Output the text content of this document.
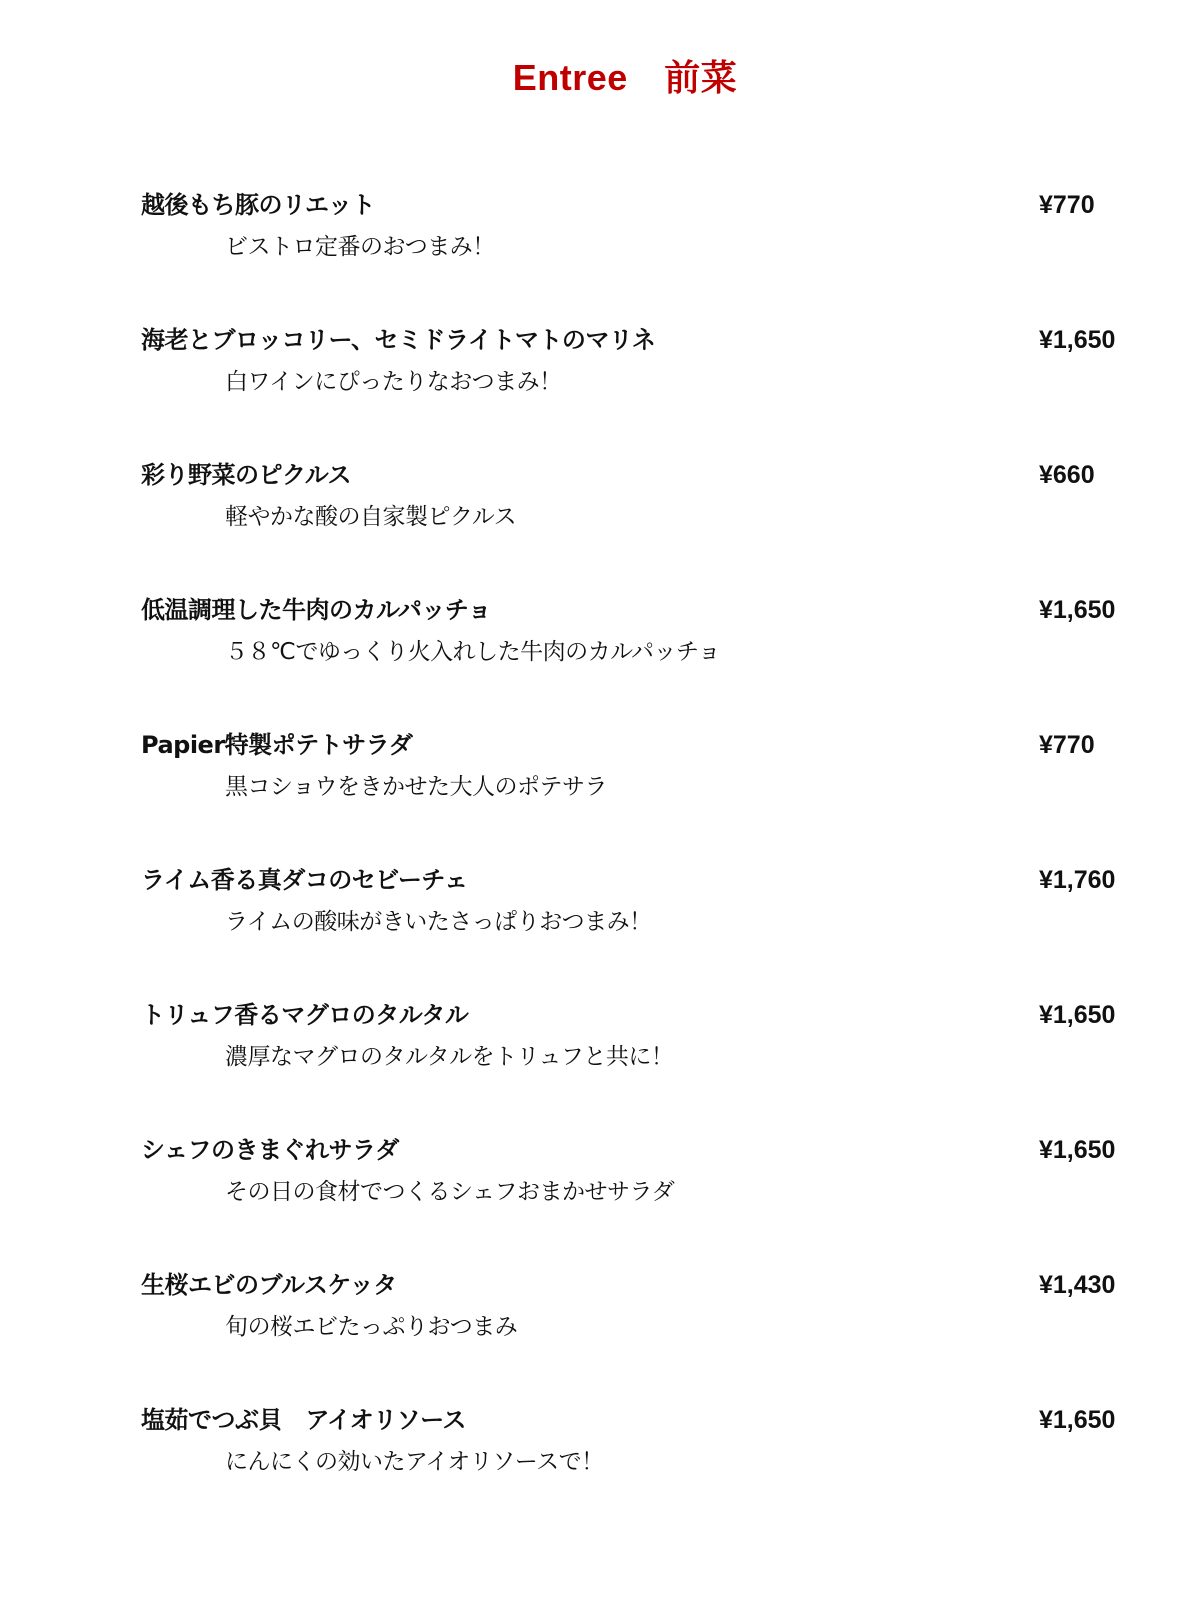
Entree　前菜
越後もち豚のリエット	¥770
ビストロ定番のおつまみ！
海老とブロッコリー、セミドライトマトのマリネ	¥1,650
白ワインにぴったりなおつまみ！
彩り野菜のピクルス	¥660
軽やかな酸の自家製ピクルス
低温調理した牛肉のカルパッチョ	¥1,650
５８℃でゆっくり火入れした牛肉のカルパッチョ
Papier特製ポテトサラダ	¥770
黒コショウをきかせた大人のポテサラ
ライム香る真ダコのセビーチェ	¥1,760
ライムの酸味がきいたさっぱりおつまみ！
トリュフ香るマグロのタルタル	¥1,650
濃厚なマグロのタルタルをトリュフと共に！
シェフのきまぐれサラダ	¥1,650
その日の食材でつくるシェフおまかせサラダ
生桜エビのブルスケッタ	¥1,430
旬の桜エビたっぷりおつまみ
塩茹でつぶ貝　アイオリソース	¥1,650
にんにくの効いたアイオリソースで！
